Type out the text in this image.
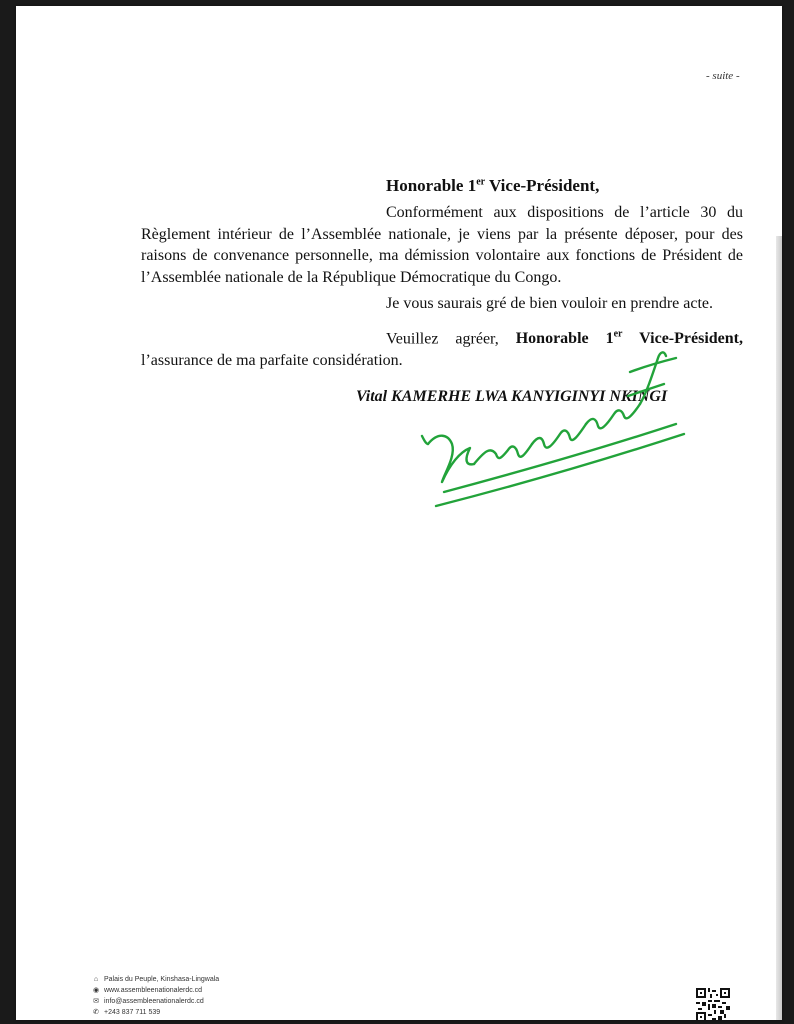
- suite -
Honorable 1er Vice-Président,
Conformément aux dispositions de l’article 30 du Règlement intérieur de l’Assemblée nationale, je viens par la présente déposer, pour des raisons de convenance personnelle, ma démission volontaire aux fonctions de Président de l’Assemblée nationale de la République Démocratique du Congo.
Je vous saurais gré de bien vouloir en prendre acte.
Veuillez agréer, Honorable 1er Vice-Président, l’assurance de ma parfaite considération.
Vital KAMERHE LWA KANYIGINYI NKINGI
⌂ Palais du Peuple, Kinshasa-Lingwala
◉ www.assembleenationalerdc.cd
✉ info@assembleenationalerdc.cd
✆ +243 837 711 539
